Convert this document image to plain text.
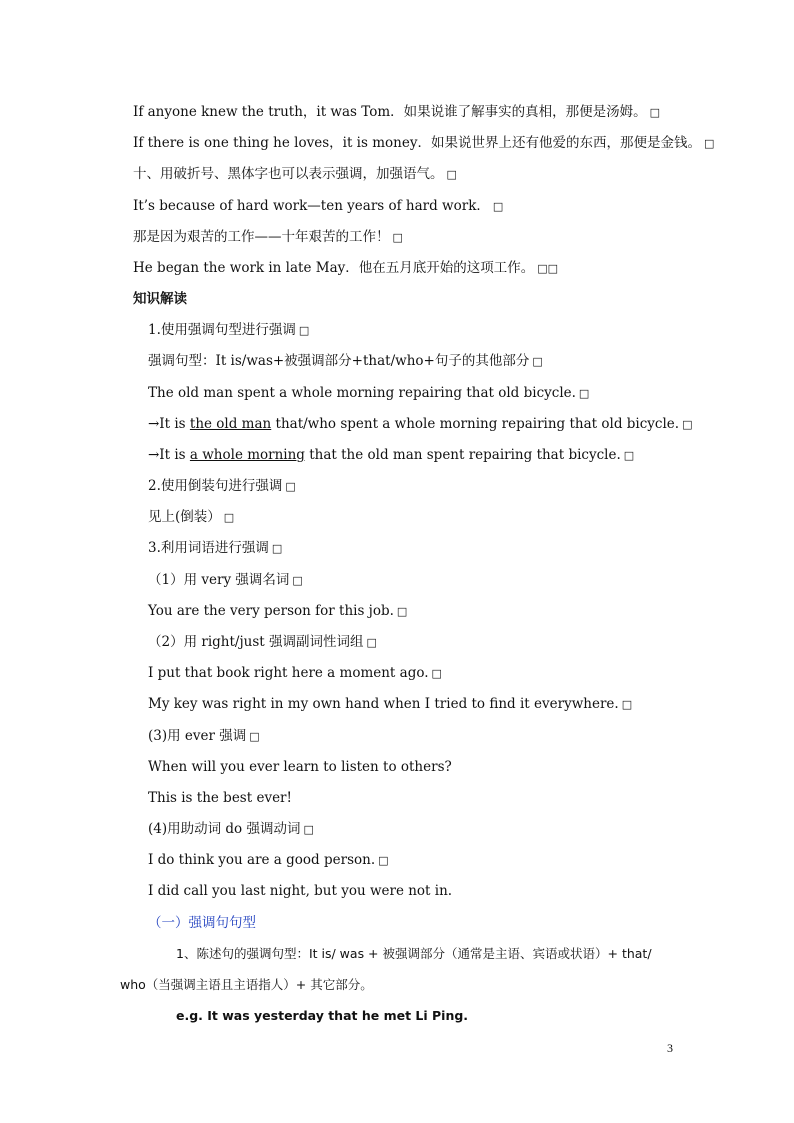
If anyone knew the truth，it was Tom．如果说谁了解事实的真相，那便是汤姆。 □
If there is one thing he loves，it is money．如果说世界上还有他爱的东西，那便是金钱。 □
十、用破折号、黑体字也可以表示强调，加强语气。 □
It’s because of hard work—ten years of hard work． □
那是因为艰苦的工作——十年艰苦的工作！ □
He began the work in late May．他在五月底开始的这项工作。 □□
知识解读
1.使用强调句型进行强调 □
强调句型：It is/was+被强调部分+that/who+句子的其他部分 □
The old man spent a whole morning repairing that old bicycle. □
→It is the old man that/who spent a whole morning repairing that old bicycle. □
→It is a whole morning that the old man spent repairing that bicycle. □
2.使用倒装句进行强调 □
见上(倒装） □
3.利用词语进行强调 □
（1）用 very 强调名词 □
You are the very person for this job. □
（2）用 right/just 强调副词性词组 □
I put that book right here a moment ago. □
My key was right in my own hand when I tried to find it everywhere. □
(3)用 ever 强调 □
When will you ever learn to listen to others?
This is the best ever!
(4)用助动词 do 强调动词 □
I do think you are a good person. □
I did call you last night, but you were not in.
（一）强调句句型
1、陈述句的强调句型：It is/ was + 被强调部分（通常是主语、宾语或状语）+ that/
who（当强调主语且主语指人）+ 其它部分。
e.g. It was yesterday that he met Li Ping.
3
